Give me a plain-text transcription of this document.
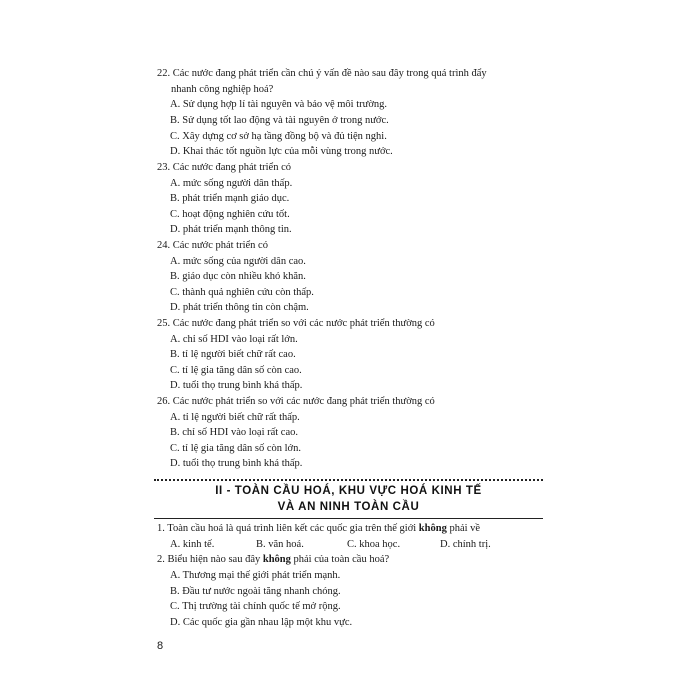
22. Các nước đang phát triển cần chú ý vấn đề nào sau đây trong quá trình đẩy
nhanh công nghiệp hoá?
A. Sử dụng hợp lí tài nguyên và bảo vệ môi trường.
B. Sử dụng tốt lao động và tài nguyên ở trong nước.
C. Xây dựng cơ sở hạ tầng đồng bộ và đủ tiện nghi.
D. Khai thác tốt nguồn lực của mỗi vùng trong nước.
23. Các nước đang phát triển có
A. mức sống người dân thấp.
B. phát triển mạnh giáo dục.
C. hoạt động nghiên cứu tốt.
D. phát triển mạnh thông tin.
24. Các nước phát triển có
A. mức sống của người dân cao.
B. giáo dục còn nhiều khó khăn.
C. thành quả nghiên cứu còn thấp.
D. phát triển thông tin còn chậm.
25. Các nước đang phát triển so với các nước phát triển thường có
A. chỉ số HDI vào loại rất lớn.
B. tỉ lệ người biết chữ rất cao.
C. tỉ lệ gia tăng dân số còn cao.
D. tuổi thọ trung bình khá thấp.
26. Các nước phát triển so với các nước đang phát triển thường có
A. tỉ lệ người biết chữ rất thấp.
B. chỉ số HDI vào loại rất cao.
C. tỉ lệ gia tăng dân số còn lớn.
D. tuổi thọ trung bình khá thấp.
II - TOÀN CẦU HOÁ, KHU VỰC HOÁ KINH TẾ
VÀ AN NINH TOÀN CẦU
1. Toàn cầu hoá là quá trình liên kết các quốc gia trên thế giới không phải về
A. kinh tế.	B. văn hoá.	C. khoa học.	D. chính trị.
2. Biểu hiện nào sau đây không phải của toàn cầu hoá?
A. Thương mại thế giới phát triển mạnh.
B. Đầu tư nước ngoài tăng nhanh chóng.
C. Thị trường tài chính quốc tế mở rộng.
D. Các quốc gia gần nhau lập một khu vực.
8
